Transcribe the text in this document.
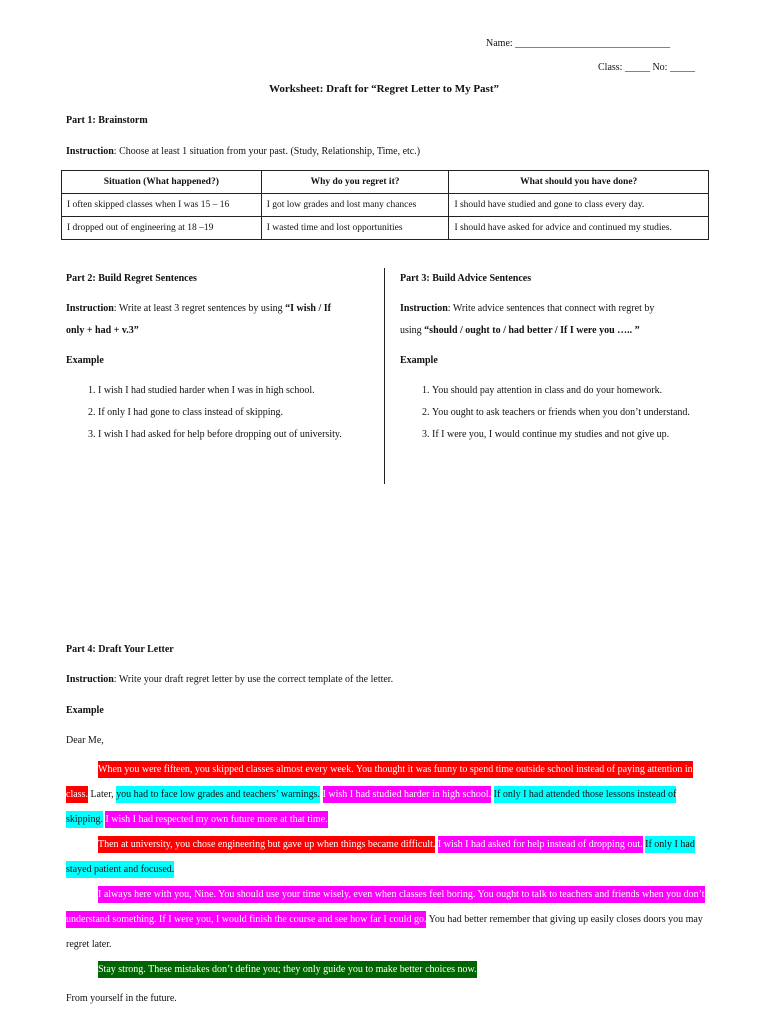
Name: _______________________________
Class: _____ No: _____
Worksheet: Draft for “Regret Letter to My Past”
Part 1: Brainstorm
Instruction: Choose at least 1 situation from your past. (Study, Relationship, Time, etc.)
Situation (What happened?)	Why do you regret it?	What should you have done?
I often skipped classes when I was 15 – 16	I got low grades and lost many chances	I should have studied and gone to class every day.
I dropped out of engineering at 18 –19	I wasted time and lost opportunities	I should have asked for advice and continued my studies.
Part 2: Build Regret Sentences
Instruction: Write at least 3 regret sentences by using “I wish / If
only + had + v.3”
Example
1. I wish I had studied harder when I was in high school.
2. If only I had gone to class instead of skipping.
3. I wish I had asked for help before dropping out of university.
Part 3: Build Advice Sentences
Instruction: Write advice sentences that connect with regret by
using “should / ought to / had better / If I were you ….. ”
Example
1. You should pay attention in class and do your homework.
2. You ought to ask teachers or friends when you don’t understand.
3. If I were you, I would continue my studies and not give up.
Part 4: Draft Your Letter
Instruction: Write your draft regret letter by use the correct template of the letter.
Example
Dear Me,

When you were fifteen, you skipped classes almost every week. You thought it was funny to spend time outside school instead of paying attention in class. Later, you had to face low grades and teachers’ warnings. I wish I had studied harder in high school. If only I had attended those lessons instead of skipping. I wish I had respected my own future more at that time.

Then at university, you chose engineering but gave up when things became difficult. I wish I had asked for help instead of dropping out. If only I had stayed patient and focused.

I always here with you, Nine. You should use your time wisely, even when classes feel boring. You ought to talk to teachers and friends when you don’t understand something. If I were you, I would finish the course and see how far I could go. You had better remember that giving up easily closes doors you may regret later.

Stay strong. These mistakes don’t define you; they only guide you to make better choices now.

From yourself in the future.
